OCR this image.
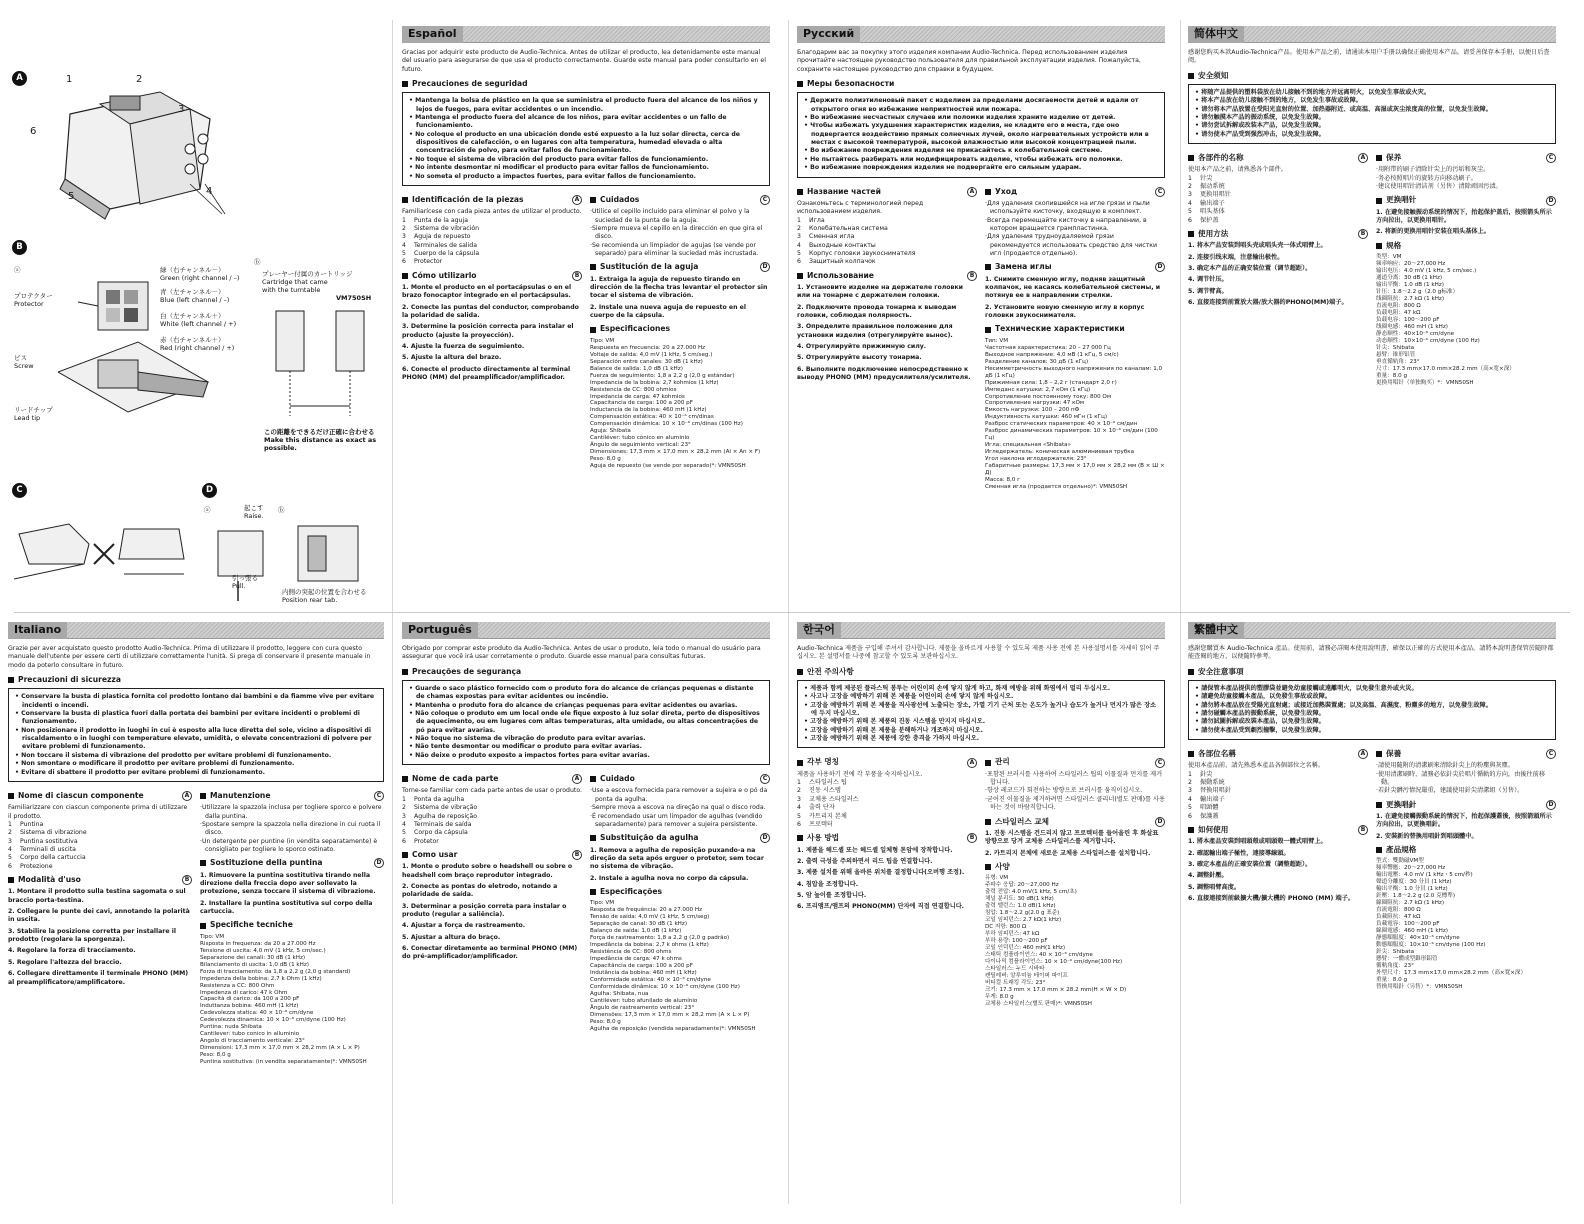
A	1	2
3
4
5
6
B
ⓐ
ⓑ
プロテクター
Protector
ビス
Screw
リードチップ
Lead tip
緑（右チャンネル－）
Green (right channel / –)
青（左チャンネル－）
Blue (left channel / –)
白（左チャンネル＋）
White (left channel / +)
赤（右チャンネル＋）
Red (right channel / +)
プレーヤー付属のカートリッジ
Cartridge that came
with the turntable
VM750SH
この距離をできるだけ正確に合わせる
Make this distance as exact as
possible.
C	D
ⓐ	ⓑ
起こす
Raise.
引っ張る
Pull.
内側の突起の位置を合わせる
Position rear tab.
Español

Gracias por adquirir este producto de Audio-Technica. Antes de utilizar el producto, lea detenidamente este manual del usuario para asegurarse de que usa el producto correctamente. Guarde este manual para poder consultarlo en el futuro.

Precauciones de seguridad
• Mantenga la bolsa de plástico en la que se suministra el producto fuera del alcance de los niños y lejos de fuegos, para evitar accidentes o un incendio.
• Mantenga el producto fuera del alcance de los niños, para evitar accidentes o un fallo de funcionamiento.
• No coloque el producto en una ubicación donde esté expuesto a la luz solar directa, cerca de dispositivos de calefacción, o en lugares con alta temperatura, humedad elevada o alta concentración de polvo, para evitar fallos de funcionamiento.
• No toque el sistema de vibración del producto para evitar fallos de funcionamiento.
• No intente desmontar ni modificar el producto para evitar fallos de funcionamiento.
• No someta el producto a impactos fuertes, para evitar fallos de funcionamiento.
Identificación de la piezas	A

Familiarícese con cada pieza antes de utilizar el producto.

1	Punta de la aguja
2	Sistema de vibración
3	Aguja de repuesto
4	Terminales de salida
5	Cuerpo de la cápsula
6	Protector
Cómo utilizarlo	B
1. Monte el producto en el portacápsulas o en el brazo fonocaptor integrado en el portacápsulas.
2. Conecte las puntas del conductor, comprobando la polaridad de salida.
3. Determine la posición correcta para instalar el producto (ajuste la proyección).
4. Ajuste la fuerza de seguimiento.
5. Ajuste la altura del brazo.
6. Conecte el producto directamente al terminal PHONO (MM) del preamplificador/amplificador.
Cuidados	C
· Utilice el cepillo incluido para eliminar el polvo y la suciedad de la punta de la aguja.
· Siempre mueva el cepillo en la dirección en que gira el disco.
· Se recomienda un limpiador de agujas (se vende por separado) para eliminar la suciedad más incrustada.
Sustitución de la aguja	D
1. Extraiga la aguja de repuesto tirando en dirección de la flecha tras levantar el protector sin tocar el sistema de vibración.
2. Instale una nueva aguja de repuesto en el cuerpo de la cápsula.
Especificaciones
Tipo: VM
Respuesta en frecuencia: 20 a 27.000 Hz
Voltaje de salida: 4,0 mV (1 kHz, 5 cm/seg.)
Separación entre canales: 30 dB (1 kHz)
Balance de salida: 1,0 dB (1 kHz)
Fuerza de seguimiento: 1,8 a 2,2 g (2,0 g estándar)
Impedancia de la bobina: 2,7 kohmios (1 kHz)
Resistencia de CC: 800 ohmios
Impedancia de carga: 47 kohmios
Capacitancia de carga: 100 a 200 pF
Inductancia de la bobina: 460 mH (1 kHz)
Compensación estática: 40 × 10⁻⁶ cm/dinas
Compensación dinámica: 10 × 10⁻⁶ cm/dinas (100 Hz)
Aguja: Shibata
Cantiléver: tubo cónico en aluminio
Ángulo de seguimiento vertical: 23°
Dimensiones: 17,3 mm × 17,0 mm × 28,2 mm (Al × An × F)
Peso: 8,0 g
Aguja de repuesto (se vende por separado)*: VMN50SH
Русский

Благодарим вас за покупку этого изделия компании Audio-Technica. Перед использованием изделия прочитайте настоящее руководство пользователя для правильной эксплуатации изделия. Пожалуйста, сохраните настоящее руководство для справки в будущем.

Меры безопасности
• Держите полиэтиленовый пакет с изделием за пределами досягаемости детей и вдали от открытого огня во избежание неприятностей или пожара.
• Во избежание несчастных случаев или поломки изделия храните изделие от детей.
• Чтобы избежать ухудшения характеристик изделия, не кладите его в места, где оно подвергается воздействию прямых солнечных лучей, около нагревательных устройств или в местах с высокой температурой, высокой влажностью или высокой концентрацией пыли.
• Во избежание повреждения изделия не прикасайтесь к колебательной системе.
• Не пытайтесь разбирать или модифицировать изделие, чтобы избежать его поломки.
• Во избежание повреждения изделия не подвергайте его сильным ударам.
Название частей	A

Ознакомьтесь с терминологией перед использованием изделия.

1	Игла
2	Колебательная система
3	Сменная игла
4	Выходные контакты
5	Корпус головки звукоснимателя
6	Защитный колпачок
Использование	B
1. Установите изделие на держателе головки или на тонарме с держателем головки.
2. Подключите провода тонарма к выводам головки, соблюдая полярность.
3. Определите правильное положение для установки изделия (отрегулируйте вынос).
4. Отрегулируйте прижимную силу.
5. Отрегулируйте высоту тонарма.
6. Выполните подключение непосредственно к выводу PHONO (MM) предусилителя/усилителя.
Уход	C
· Для удаления скопившейся на игле грязи и пыли используйте кисточку, входящую в комплект.
· Всегда перемещайте кисточку в направлении, в котором вращается грампластинка.
· Для удаления трудноудаляемой грязи рекомендуется использовать средство для чистки игл (продается отдельно).
Замена иглы	D
1. Снимите сменную иглу, подняв защитный колпачок, не касаясь колебательной системы, и потянув ее в направлении стрелки.
2. Установите новую сменную иглу в корпус головки звукоснимателя.
Технические характеристики
Тип: VM
Частотная характеристика: 20 – 27 000 Гц
Выходное напряжение: 4,0 мВ (1 кГц, 5 см/с)
Разделение каналов: 30 дБ (1 кГц)
Несимметричность выходного напряжения по каналам: 1,0 дБ (1 кГц)
Прижимная сила: 1,8 – 2,2 г (стандарт 2,0 г)
Импеданс катушки: 2,7 кОм (1 кГц)
Сопротивление постоянному току: 800 Ом
Сопротивление нагрузки: 47 кОм
Емкость нагрузки: 100 – 200 пФ
Индуктивность катушки: 460 мГн (1 кГц)
Разброс статических параметров: 40 × 10⁻⁶ см/дин
Разброс динамических параметров: 10 × 10⁻⁶ см/дин (100 Гц)
Игла: специальная «Shibata»
Игледержатель: коническая алюминиевая трубка
Угол наклона иглодержателя: 23°
Габаритные размеры: 17,3 мм × 17,0 мм × 28,2 мм (В × Ш × Д)
Масса: 8,0 г
Сменная игла (продается отдельно)*: VMN50SH
简体中文

感谢您购买本款Audio-Technica产品。使用本产品之前，请通读本用户手册以确保正确使用本产品。请妥善保存本手册，以便日后查阅。

安全须知
• 将随产品提供的塑料袋放在幼儿接触不到的地方并远离明火，以免发生事故或火灾。
• 将本产品放在幼儿接触不到的地方，以免发生事故或故障。
• 请勿将本产品放置在受阳光直射的位置、加热器附近、或高温、高湿或灰尘浓度高的位置，以免发生故障。
• 请勿触摸本产品的振动系统，以免发生故障。
• 请勿尝试拆解或改装本产品，以免发生故障。
• 请勿使本产品受到强烈冲击，以免发生故障。
各部件的名称	A

使用本产品之前，请熟悉各个部件。

1	针尖
2	振动系统
3	更换用唱针
4	输出端子
5	唱头基体
6	保护盖
使用方法	B
1. 将本产品安装到唱头壳或唱头壳一体式唱臂上。
2. 连接引线末端，注意输出极性。
3. 确定本产品的正确安装位置（调节超距）。
4. 调节针压。
5. 调节臂高。
6. 直接连接到前置放大器/放大器的PHONO(MM)端子。
保养	C
· 用附带的刷子清除针尖上的污垢和灰尘。
· 务必按照唱片的旋转方向移动刷子。
· 建议使用唱针清洁剂（另售）清除顽固污渍。
更换唱针	D
1. 在避免接触振动系统的情况下，抬起保护盖后，按照箭头所示方向拉出，以更换用唱针。
2. 将新的更换用唱针安装在唱头基体上。
规格
类型：VM
频率响应：20～27,000 Hz
输出电压：4.0 mV (1 kHz, 5 cm/sec.)
通道分离：30 dB (1 kHz)
输出平衡：1.0 dB (1 kHz)
针压：1.8～2.2 g（2.0 g标准）
线圈阻抗：2.7 kΩ (1 kHz)
直流电阻：800 Ω
负载电阻：47 kΩ
负载电容：100～200 pF
线圈电感：460 mH (1 kHz)
静态顺性：40×10⁻⁶ cm/dyne
动态顺性：10×10⁻⁶ cm/dyne (100 Hz)
针尖：Shibata
悬臂：锥形铝管
垂直循轨角：23°
尺寸：17.3 mm×17.0 mm×28.2 mm（高×宽×深）
重量：8.0 g
更换用唱针（单独购买）*：VMN50SH
Italiano

Grazie per aver acquistato questo prodotto Audio-Technica. Prima di utilizzare il prodotto, leggere con cura questo manuale dell'utente per essere certi di utilizzare correttamente l'unità. Si prega di conservare il presente manuale in modo da poterlo consultare in futuro.

Precauzioni di sicurezza
• Conservare la busta di plastica fornita col prodotto lontano dai bambini e da fiamme vive per evitare incidenti o incendi.
• Conservare la busta di plastica fuori dalla portata dei bambini per evitare incidenti o problemi di funzionamento.
• Non posizionare il prodotto in luoghi in cui è esposto alla luce diretta del sole, vicino a dispositivi di riscaldamento o in luoghi con temperature elevate, umidità, o elevate concentrazioni di polvere per evitare problemi di funzionamento.
• Non toccare il sistema di vibrazione del prodotto per evitare problemi di funzionamento.
• Non smontare o modificare il prodotto per evitare problemi di funzionamento.
• Evitare di sbattere il prodotto per evitare problemi di funzionamento.
Nome di ciascun componente	A

Familiarizzare con ciascun componente prima di utilizzare il prodotto.

1	Puntina
2	Sistema di vibrazione
3	Puntina sostitutiva
4	Terminali di uscita
5	Corpo della cartuccia
6	Protezione
Modalità d'uso	B
1. Montare il prodotto sulla testina sagomata o sul braccio porta-testina.
2. Collegare le punte dei cavi, annotando la polarità in uscita.
3. Stabilire la posizione corretta per installare il prodotto (regolare la sporgenza).
4. Regolare la forza di tracciamento.
5. Regolare l'altezza del braccio.
6. Collegare direttamente il terminale PHONO (MM) al preamplificatore/amplificatore.
Manutenzione	C
· Utilizzare la spazzola inclusa per togliere sporco e polvere dalla puntina.
· Spostare sempre la spazzola nella direzione in cui ruota il disco.
· Un detergente per puntine (in vendita separatamente) è consigliato per togliere lo sporco ostinato.
Sostituzione della puntina	D
1. Rimuovere la puntina sostitutiva tirando nella direzione della freccia dopo aver sollevato la protezione, senza toccare il sistema di vibrazione.
2. Installare la puntina sostitutiva sul corpo della cartuccia.
Specifiche tecniche
Tipo: VM
Risposta in frequenza: da 20 a 27.000 Hz
Tensione di uscita: 4,0 mV (1 kHz, 5 cm/sec.)
Separazione dei canali: 30 dB (1 kHz)
Bilanciamento di uscita: 1,0 dB (1 kHz)
Forza di tracciamento: da 1,8 a 2,2 g (2,0 g standard)
Impedenza della bobina: 2,7 k Ohm (1 kHz)
Resistenza a CC: 800 Ohm
Impedenza di carico: 47 k Ohm
Capacità di carico: da 100 a 200 pF
Induttanza bobina: 460 mH (1 kHz)
Cedevolezza statica: 40 × 10⁻⁶ cm/dyne
Cedevolezza dinamica: 10 × 10⁻⁶ cm/dyne (100 Hz)
Puntina: nuda Shibata
Cantilever: tubo conico in alluminio
Angolo di tracciamento verticale: 23°
Dimensioni: 17,3 mm × 17,0 mm × 28,2 mm (A × L × P)
Peso: 8,0 g
Puntina sostitutiva: (in vendita separatamente)*: VMN50SH
Português

Obrigado por comprar este produto da Audio-Technica. Antes de usar o produto, leia todo o manual do usuário para assegurar que você irá usar corretamente o produto. Guarde esse manual para consultas futuras.

Precauções de segurança
• Guarde o saco plástico fornecido com o produto fora do alcance de crianças pequenas e distante de chamas expostas para evitar acidentes ou incêndio.
• Mantenha o produto fora do alcance de crianças pequenas para evitar acidentes ou avarias.
• Não coloque o produto em um local onde ele fique exposto à luz solar direta, perto de dispositivos de aquecimento, ou em lugares com altas temperaturas, alta umidade, ou altas concentrações de pó para evitar avarias.
• Não toque no sistema de vibração do produto para evitar avarias.
• Não tente desmontar ou modificar o produto para evitar avarias.
• Não deixe o produto exposto a impactos fortes para evitar avarias.
Nome de cada parte	A

Torne-se familiar com cada parte antes de usar o produto.

1	Ponta da agulha
2	Sistema de vibração
3	Agulha de reposição
4	Terminais de saída
5	Corpo da cápsula
6	Protetor
Como usar	B
1. Monte o produto sobre o headshell ou sobre o headshell com braço reprodutor integrado.
2. Conecte as pontas do eletrodo, notando a polaridade de saída.
3. Determinar a posição correta para instalar o produto (regular a saliência).
4. Ajustar a força de rastreamento.
5. Ajustar a altura do braço.
6. Conectar diretamente ao terminal PHONO (MM) do pré-amplificador/amplificador.
Cuidado	C
· Use a escova fornecida para remover a sujeira e o pó da ponta da agulha.
· Sempre mova a escova na direção na qual o disco roda.
· É recomendado usar um limpador de agulhas (vendido separadamente) para remover a sujeira persistente.
Substituição da agulha	D
1. Remova a agulha de reposição puxando-a na direção da seta após erguer o protetor, sem tocar no sistema de vibração.
2. Instale a agulha nova no corpo da cápsula.
Especificações
Tipo: VM
Resposta de frequência: 20 a 27.000 Hz
Tensão de saída: 4,0 mV (1 kHz, 5 cm/seg)
Separação de canal: 30 dB (1 kHz)
Balanço de saída: 1,0 dB (1 kHz)
Força de rastreamento: 1,8 a 2,2 g (2,0 g padrão)
Impedância da bobina: 2,7 k ohms (1 kHz)
Resistência de CC: 800 ohms
Impedância de carga: 47 k ohms
Capacitância de carga: 100 a 200 pF
Indutância da bobina: 460 mH (1 kHz)
Conformidade estática: 40 × 10⁻⁶ cm/dyne
Conformidade dinâmica: 10 × 10⁻⁶ cm/dyne (100 Hz)
Agulha: Shibata, nua
Cantiléver: tubo afunilado de alumínio
Ângulo de rastreamento vertical: 23°
Dimensões: 17,3 mm × 17,0 mm × 28,2 mm (A × L × P)
Peso: 8,0 g
Agulha de reposição (vendida separadamente)*: VMN50SH
한국어

Audio-Technica 제품을 구입해 주셔서 감사합니다. 제품을 올바르게 사용할 수 있도록 제품 사용 전에 본 사용설명서를 자세히 읽어 주십시오. 본 설명서를 나중에 참고할 수 있도록 보관하십시오.

안전 주의사항
• 제품과 함께 제공된 플라스틱 봉투는 어린이의 손에 닿지 않게 하고, 화재 예방을 위해 화염에서 멀리 두십시오.
• 사고나 고장을 예방하기 위해 본 제품을 어린이의 손에 닿지 않게 하십시오.
• 고장을 예방하기 위해 본 제품을 직사광선에 노출되는 장소, 가열 기기 근처 또는 온도가 높거나 습도가 높거나 먼지가 많은 장소에 두지 마십시오.
• 고장을 예방하기 위해 본 제품의 진동 시스템을 만지지 마십시오.
• 고장을 예방하기 위해 본 제품을 분해하거나 개조하지 마십시오.
• 고장을 예방하기 위해 본 제품에 강한 충격을 가하지 마십시오.
각부 명칭	A

제품을 사용하기 전에 각 부품을 숙지하십시오.

1	스타일러스 팁
2	진동 시스템
3	교체용 스타일러스
4	출력 단자
5	카트리지 본체
6	프로텍터
사용 방법	B
1. 제품을 헤드셸 또는 헤드셸 일체형 톤암에 장착합니다.
2. 출력 극성을 주의하면서 리드 팁을 연결합니다.
3. 제품 설치를 위해 올바른 위치를 결정합니다(오버행 조정).
4. 침압을 조정합니다.
5. 암 높이를 조정합니다.
6. 프리앰프/앰프의 PHONO(MM) 단자에 직접 연결합니다.
관리	C
· 포함된 브러시를 사용하여 스타일러스 팁의 이물질과 먼지를 제거합니다.
· 항상 레코드가 회전하는 방향으로 브러시를 움직이십시오.
· 굳어진 이물질을 제거하려면 스타일러스 클리너(별도 판매)를 사용하는 것이 바람직합니다.
스타일러스 교체	D
1. 진동 시스템을 건드리지 않고 프로텍터를 들어올린 후 화살표 방향으로 당겨 교체용 스타일러스를 제거합니다.
2. 카트리지 본체에 새로운 교체용 스타일러스를 설치합니다.
사양
유형: VM
주파수 응답: 20～27,000 Hz
출력 전압: 4.0 mV(1 kHz, 5 cm/초)
채널 분리도: 30 dB(1 kHz)
출력 밸런스: 1.0 dB(1 kHz)
침압: 1.8～2.2 g(2.0 g 표준)
코일 임피던스: 2.7 kΩ(1 kHz)
DC 저항: 800 Ω
부하 임피던스: 47 kΩ
부하 용량: 100～200 pF
코일 인덕턴스: 460 mH(1 kHz)
스태틱 컴플라이언스: 40 × 10⁻⁶ cm/dyne
다이나믹 컴플라이언스: 10 × 10⁻⁶ cm/dyne(100 Hz)
스타일러스: 누드 시바타
캔틸레버: 알루미늄 테이퍼 파이프
버티컬 트래킹 각도: 23°
크기: 17.3 mm × 17.0 mm × 28.2 mm(H × W × D)
무게: 8.0 g
교체용 스타일러스(별도 판매)*: VMN50SH
繁體中文

感謝您購買本 Audio-Technica 產品。使用前，請務必詳閱本使用說明書，確保以正確的方式使用本產品。請將本說明書保管於隨時都能查閱的地方，以便隨時參考。

安全注意事項
• 請保管本產品提供的塑膠袋並避免幼童接觸或遠離明火，以免發生意外或火災。
• 請避免幼童接觸本產品，以免發生事故或故障。
• 請勿將本產品放在受陽光直射處；或接近加熱裝置處；以及高溫、高濕度、粉塵多的地方，以免發生故障。
• 請勿碰觸本產品的振動系統，以免發生故障。
• 請勿試圖拆解或改裝本產品，以免發生故障。
• 請勿使本產品受到劇烈撞擊，以免發生故障。
各部位名稱	A

使用本產品前，請先熟悉本產品各個部位之名稱。

1	針尖
2	振動系統
3	替換用唱針
4	輸出端子
5	唱頭體
6	保護蓋
如何使用	B
1. 將本產品安裝到唱頭殼或唱頭殼一體式唱臂上。
2. 確認輸出端子極性，連接導線頭。
3. 確定本產品的正確安裝位置（調整超距）。
4. 調整針壓。
5. 調整唱臂高度。
6. 直接連接到前級擴大機/擴大機的 PHONO (MM) 端子。
保養	C
· 請使用隨附的清潔刷來清除針尖上的粉塵與灰塵。
· 使用清潔刷時，請務必依針尖於唱片循軌的方向，由後往前移動。
· 若針尖髒污情況嚴重，建議使用針尖清潔組（另售）。
更換唱針	D
1. 在避免接觸振動系統的情況下，抬起保護蓋後，按照箭頭所示方向拉出，以更換唱針。
2. 安裝新的替換用唱針到唱頭體中。
產品規格
型式：雙動磁VM型
頻率響應：20～27,000 Hz
輸出電壓：4.0 mV (1 kHz・5 cm/秒)
聲道分離度：30 分貝 (1 kHz)
輸出平衡：1.0 分貝 (1 kHz)
針壓：1.8～2.2 g (2.0 克標準)
線圈阻抗：2.7 kΩ (1 kHz)
直流電阻：800 Ω
負載阻抗：47 kΩ
負載電容：100～200 pF
線圈電感：460 mH (1 kHz)
靜態順服度：40×10⁻⁶ cm/dyne
動態順服度：10×10⁻⁶ cm/dyne (100 Hz)
針尖：Shibata
懸臂：一體成型錐形鋁管
循軌角度：23°
外型尺寸：17.3 mm×17.0 mm×28.2 mm（高×寬×深）
重量：8.0 g
替換用唱針（另售）*：VMN50SH
